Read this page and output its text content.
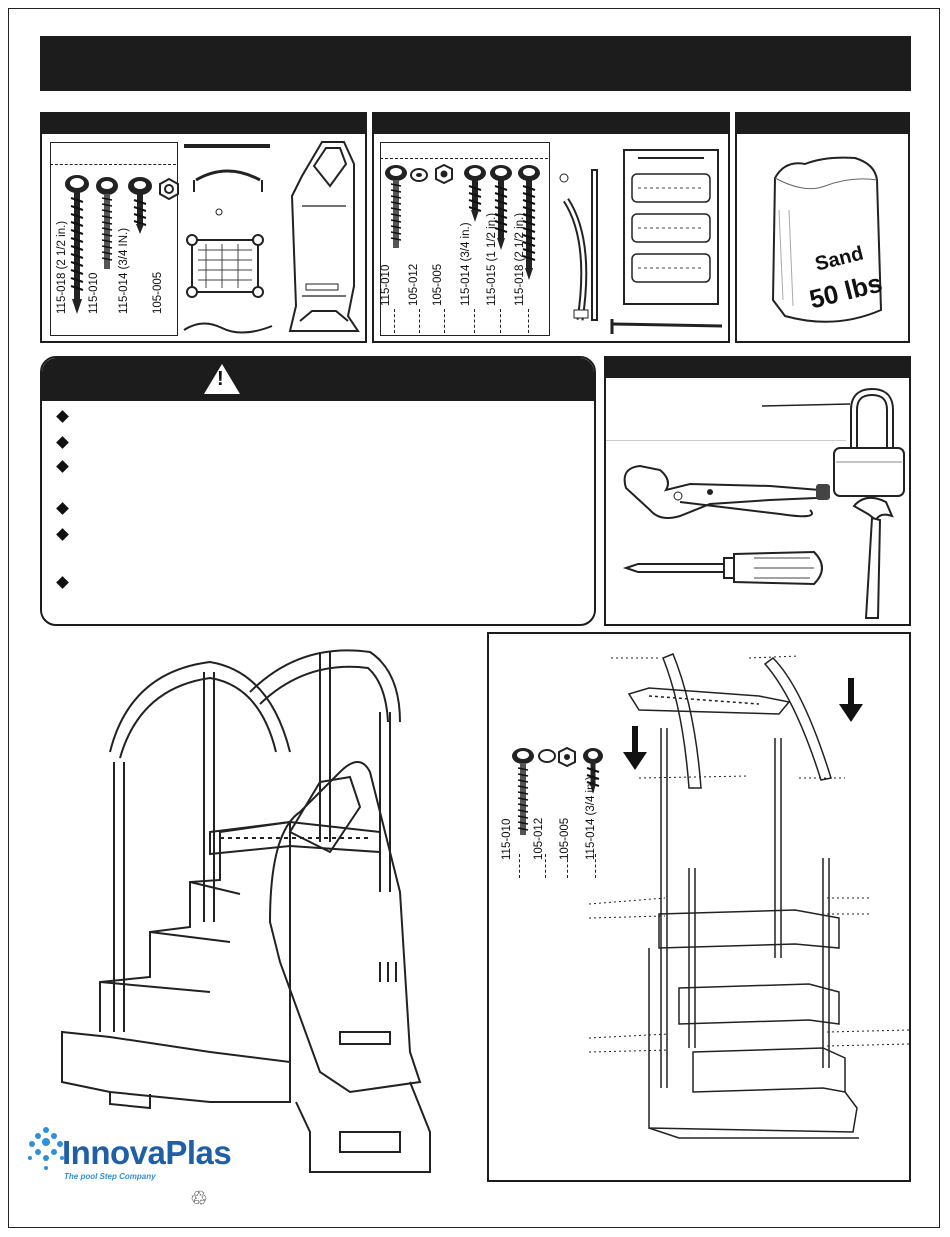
115-018 (2 1/2 in.) 115-010 115-014 (3/4 IN.) 105-005	115-010 105-012 105-005 115-014 (3/4 in.) 115-015 (1 1/2 in.) 115-018 (2 1/2 in.)	Sand
50 lbs
!
InnovaPlas
The pool Step Company
♲
115-010 105-012 105-005 115-014 (3/4 in.)
